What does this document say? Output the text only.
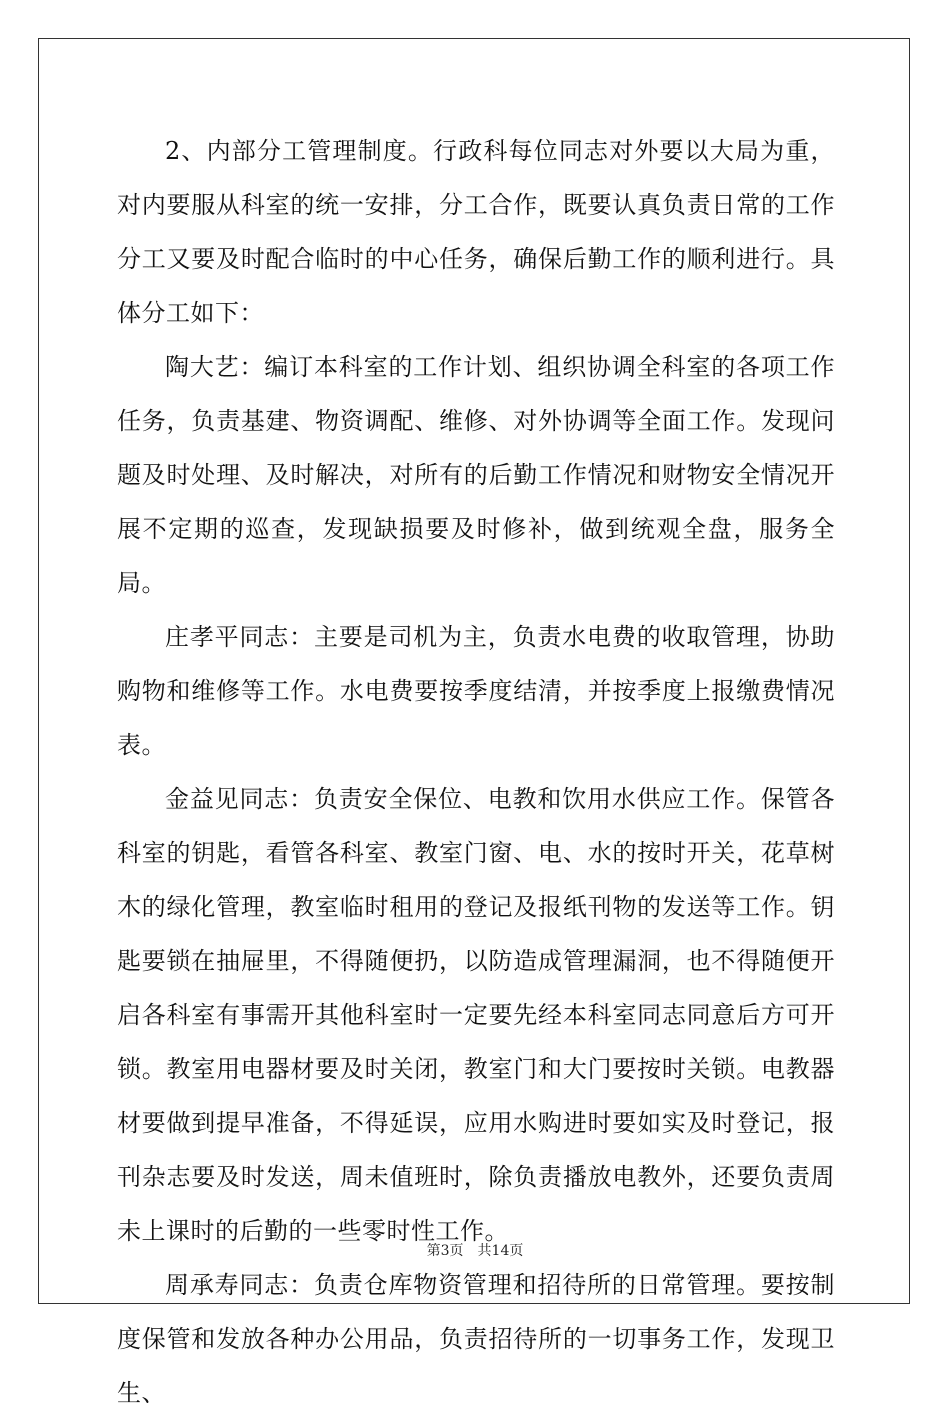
2、内部分工管理制度。行政科每位同志对外要以大局为重，对内要服从科室的统一安排，分工合作，既要认真负责日常的工作分工又要及时配合临时的中心任务，确保后勤工作的顺利进行。具体分工如下：

陶大艺：编订本科室的工作计划、组织协调全科室的各项工作任务，负责基建、物资调配、维修、对外协调等全面工作。发现问题及时处理、及时解决，对所有的后勤工作情况和财物安全情况开展不定期的巡查，发现缺损要及时修补，做到统观全盘，服务全局。

庄孝平同志：主要是司机为主，负责水电费的收取管理，协助购物和维修等工作。水电费要按季度结清，并按季度上报缴费情况表。

金益见同志：负责安全保位、电教和饮用水供应工作。保管各科室的钥匙，看管各科室、教室门窗、电、水的按时开关，花草树木的绿化管理，教室临时租用的登记及报纸刊物的发送等工作。钥匙要锁在抽屉里，不得随便扔，以防造成管理漏洞，也不得随便开启各科室有事需开其他科室时一定要先经本科室同志同意后方可开锁。教室用电器材要及时关闭，教室门和大门要按时关锁。电教器材要做到提早准备，不得延误，应用水购进时要如实及时登记，报刊杂志要及时发送，周未值班时，除负责播放电教外，还要负责周未上课时的后勤的一些零时性工作。

周承寿同志：负责仓库物资管理和招待所的日常管理。要按制度保管和发放各种办公用品，负责招待所的一切事务工作，发现卫生、

第3页 共14页
